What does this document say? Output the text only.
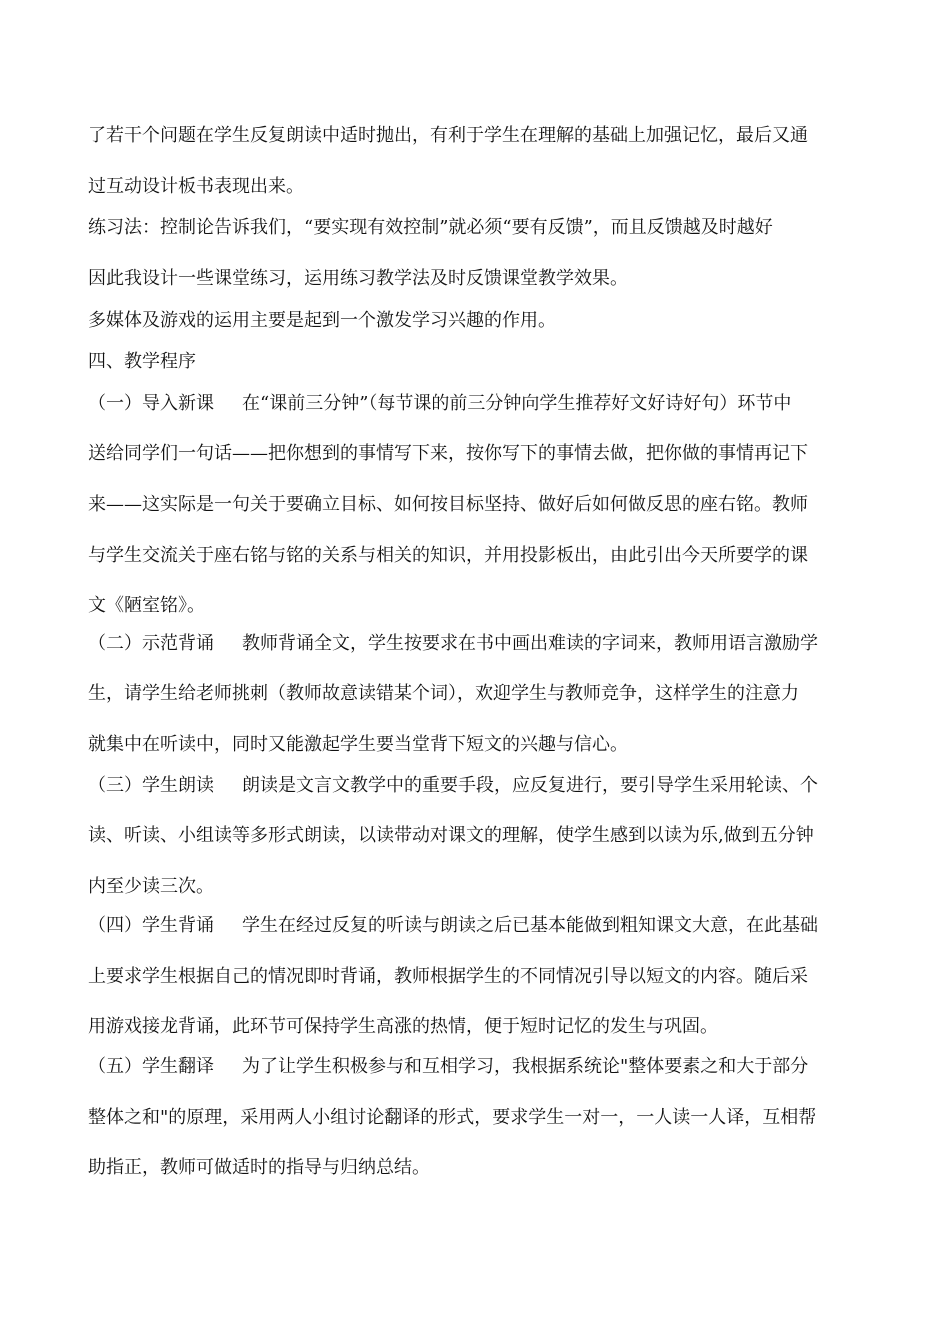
了若干个问题在学生反复朗读中适时抛出，有利于学生在理解的基础上加强记忆，最后又通
过互动设计板书表现出来。
练习法：控制论告诉我们，“要实现有效控制”就必须“要有反馈”，而且反馈越及时越好
因此我设计一些课堂练习，运用练习教学法及时反馈课堂教学效果。
多媒体及游戏的运用主要是起到一个激发学习兴趣的作用。
四、教学程序
（一）导入新课 在“课前三分钟”（每节课的前三分钟向学生推荐好文好诗好句）环节中
送给同学们一句话——把你想到的事情写下来，按你写下的事情去做，把你做的事情再记下
来——这实际是一句关于要确立目标、如何按目标坚持、做好后如何做反思的座右铭。教师
与学生交流关于座右铭与铭的关系与相关的知识，并用投影板出，由此引出今天所要学的课
文《陋室铭》。
（二）示范背诵 教师背诵全文，学生按要求在书中画出难读的字词来，教师用语言激励学
生，请学生给老师挑刺（教师故意读错某个词），欢迎学生与教师竞争，这样学生的注意力
就集中在听读中，同时又能激起学生要当堂背下短文的兴趣与信心。
（三）学生朗读 朗读是文言文教学中的重要手段，应反复进行，要引导学生采用轮读、个
读、听读、小组读等多形式朗读，以读带动对课文的理解，使学生感到以读为乐,做到五分钟
内至少读三次。
（四）学生背诵 学生在经过反复的听读与朗读之后已基本能做到粗知课文大意，在此基础
上要求学生根据自己的情况即时背诵，教师根据学生的不同情况引导以短文的内容。随后采
用游戏接龙背诵，此环节可保持学生高涨的热情，便于短时记忆的发生与巩固。
（五）学生翻译 为了让学生积极参与和互相学习，我根据系统论"整体要素之和大于部分
整体之和"的原理，采用两人小组讨论翻译的形式，要求学生一对一，一人读一人译，互相帮
助指正，教师可做适时的指导与归纳总结。
